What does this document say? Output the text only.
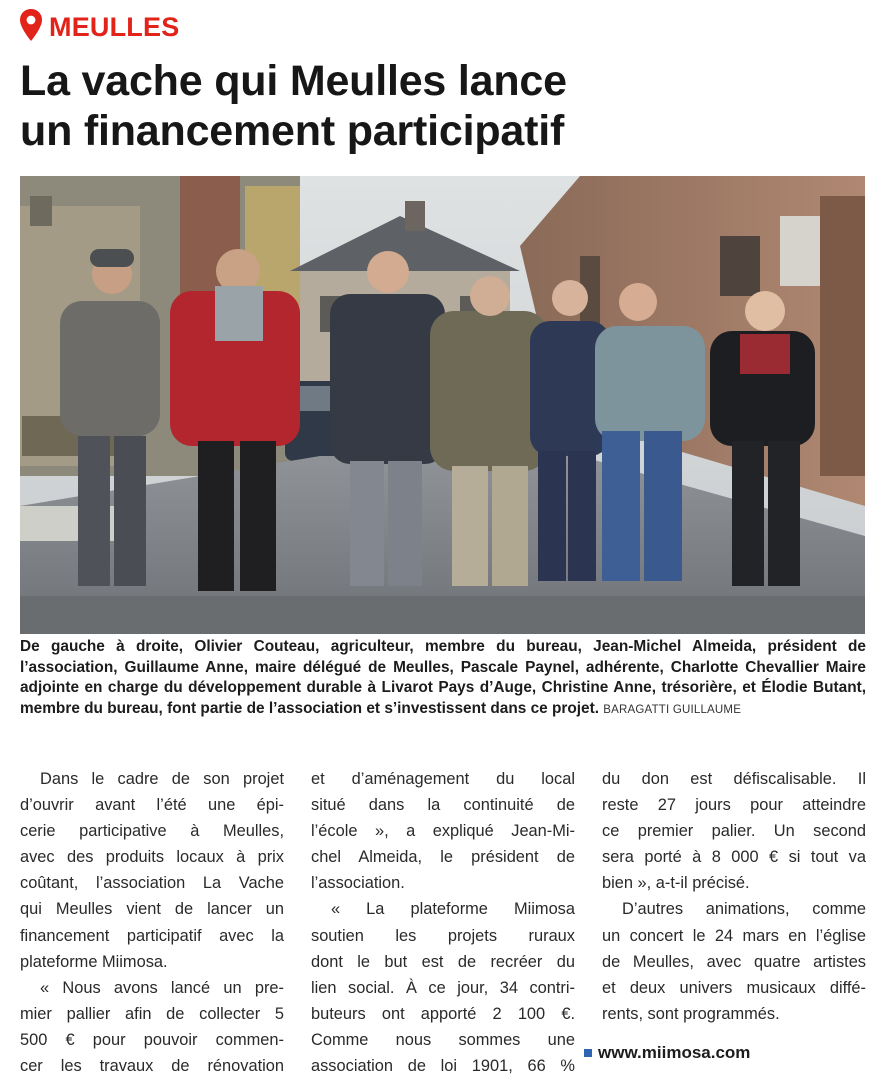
MEULLES
La vache qui Meulles lance
un financement participatif

De gauche à droite, Olivier Couteau, agriculteur, membre du bureau, Jean-Michel Almeida, président de l’association, Guillaume Anne, maire délégué de Meulles, Pascale Paynel, adhérente, Charlotte Chevallier Maire adjointe en charge du développement durable à Livarot Pays d’Auge, Christine Anne, trésorière, et Élodie Butant, membre du bureau, font partie de l’association et s’investissent dans ce projet. BARAGATTI GUILLAUME

Dans le cadre de son projet
d’ouvrir avant l’été une épi-
cerie participative à Meulles,
avec des produits locaux à prix
coûtant, l’association La Vache
qui Meulles vient de lancer un
financement participatif avec la
plateforme Miimosa.
« Nous avons lancé un pre-
mier pallier afin de collecter 5
500 € pour pouvoir commen-
cer les travaux de rénovation
et d’aménagement du local
situé dans la continuité de
l’école », a expliqué Jean-Mi-
chel Almeida, le président de
l’association.
« La plateforme Miimosa
soutien les projets ruraux
dont le but est de recréer du
lien social. À ce jour, 34 contri-
buteurs ont apporté 2 100 €.
Comme nous sommes une
association de loi 1901, 66 %
du don est défiscalisable. Il
reste 27 jours pour atteindre
ce premier palier. Un second
sera porté à 8 000 € si tout va
bien », a-t-il précisé.
D’autres animations, comme
un concert le 24 mars en l’église
de Meulles, avec quatre artistes
et deux univers musicaux diffé-
rents, sont programmés.
www.miimosa.com
